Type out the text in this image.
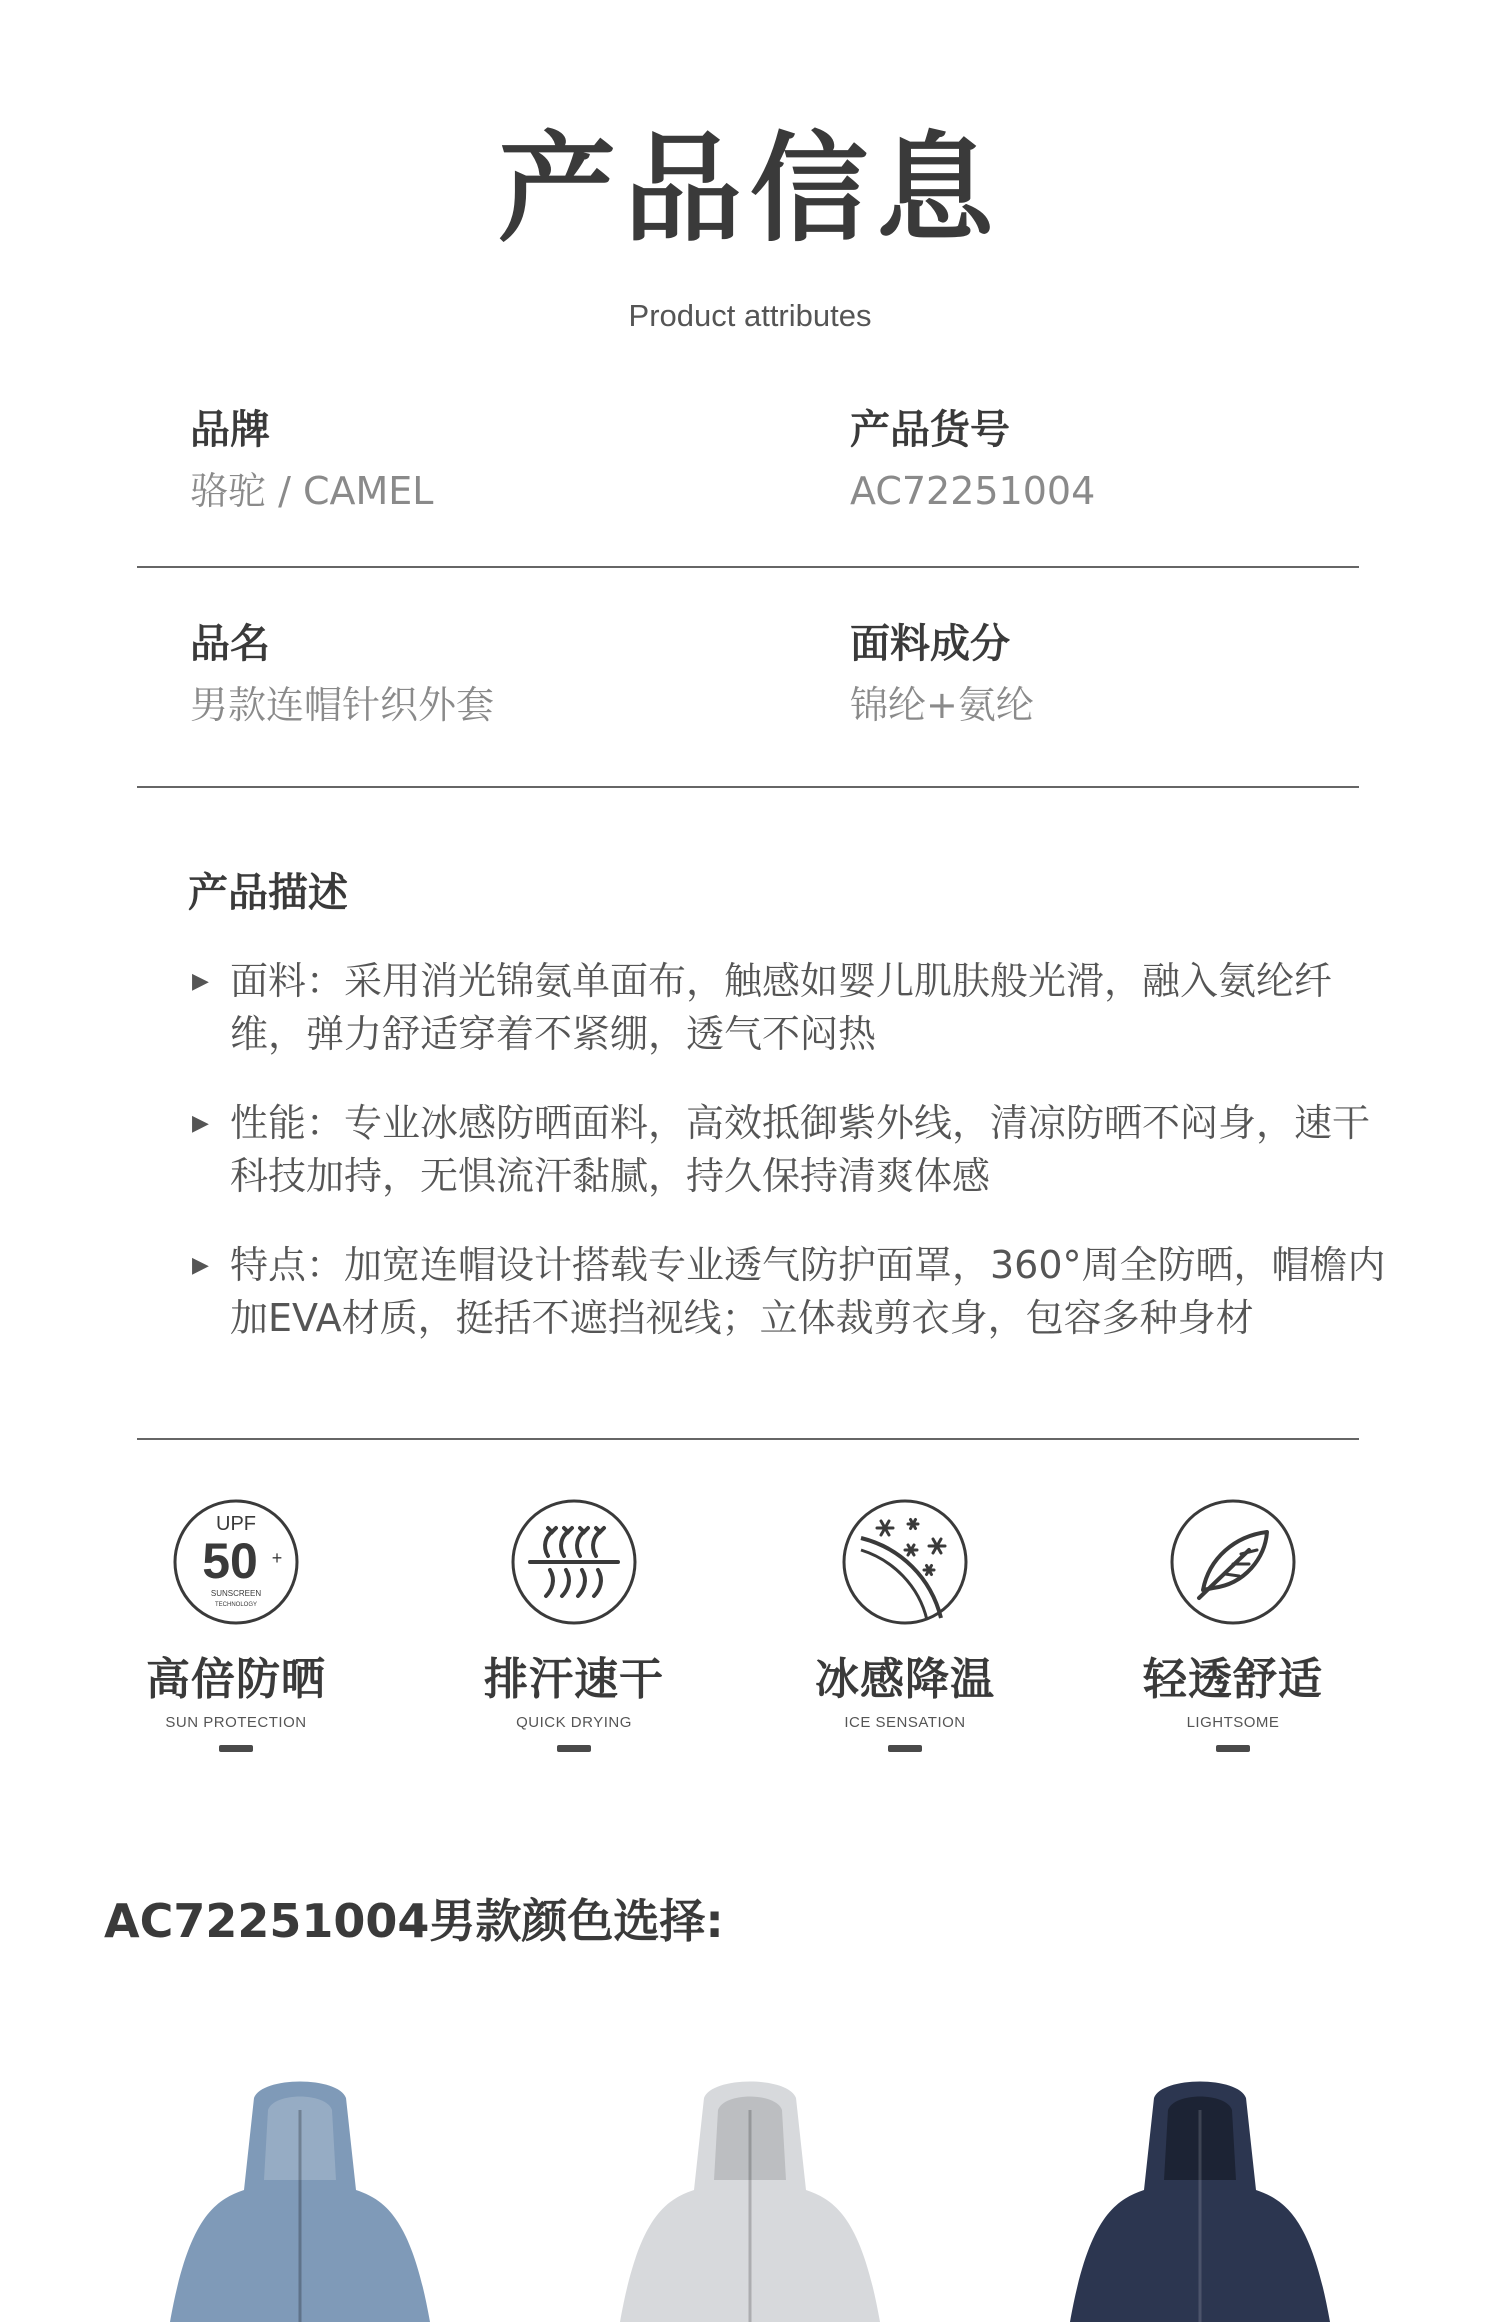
产品信息
Product attributes
品牌
骆驼 / CAMEL
产品货号
AC72251004
品名
男款连帽针织外套
面料成分
锦纶+氨纶
产品描述
▶ 面料：采用消光锦氨单面布，触感如婴儿肌肤般光滑，融入氨纶纤维，弹力舒适穿着不紧绷，透气不闷热
▶ 性能：专业冰感防晒面料，高效抵御紫外线，清凉防晒不闷身，速干科技加持，无惧流汗黏腻，持久保持清爽体感
▶ 特点：加宽连帽设计搭载专业透气防护面罩，360°周全防晒，帽檐内加EVA材质，挺括不遮挡视线；立体裁剪衣身，包容多种身材
UPF
50 +
SUNSCREEN
TECHNOLOGY
高倍防晒
SUN PROTECTION
排汗速干
QUICK DRYING
冰感降温
ICE SENSATION
轻透舒适
LIGHTSOME
AC72251004男款颜色选择:
